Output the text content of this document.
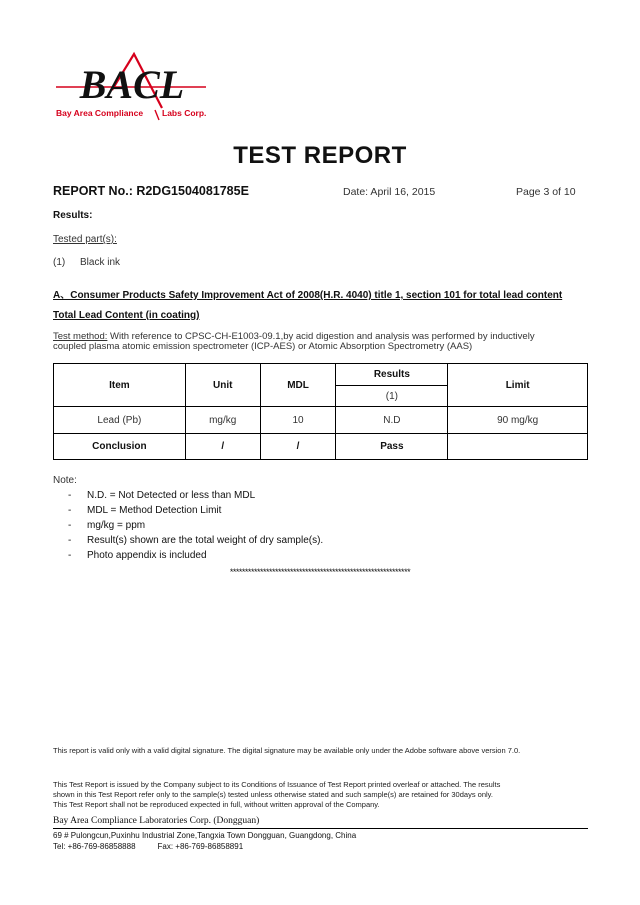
BACL
Bay Area Compliance Labs Corp.
TEST REPORT
REPORT No.: R2DG1504081785E	Date: April 16, 2015	Page 3 of 10
Results:
Tested part(s):
(1) Black ink
A、Consumer Products Safety Improvement Act of 2008(H.R. 4040) title 1, section 101 for total lead content
Total Lead Content (in coating)
Test method: With reference to CPSC-CH-E1003-09.1,by acid digestion and analysis was performed by inductively
coupled plasma atomic emission spectrometer (ICP-AES) or Atomic Absorption Spectrometry (AAS)
Item	Unit	MDL	Results	Limit
			(1)	
Lead (Pb)	mg/kg	10	N.D	90 mg/kg
Conclusion	/	/	Pass	
Note:
- N.D. = Not Detected or less than MDL
- MDL = Method Detection Limit
- mg/kg = ppm
- Result(s) shown are the total weight of dry sample(s).
- Photo appendix is included
************************************************************
This report is valid only with a valid digital signature. The digital signature may be available only under the Adobe software above version 7.0.
This Test Report is issued by the Company subject to its Conditions of Issuance of Test Report printed overleaf or attached. The results
shown in this Test Report refer only to the sample(s) tested unless otherwise stated and such sample(s) are retained for 30days only.
This Test Report shall not be reproduced expected in full, without written approval of the Company.
Bay Area Compliance Laboratories Corp. (Dongguan)
69 # Pulongcun,Puxinhu Industrial Zone,Tangxia Town Dongguan, Guangdong, China
Tel: +86-769-86858888	Fax: +86-769-86858891
